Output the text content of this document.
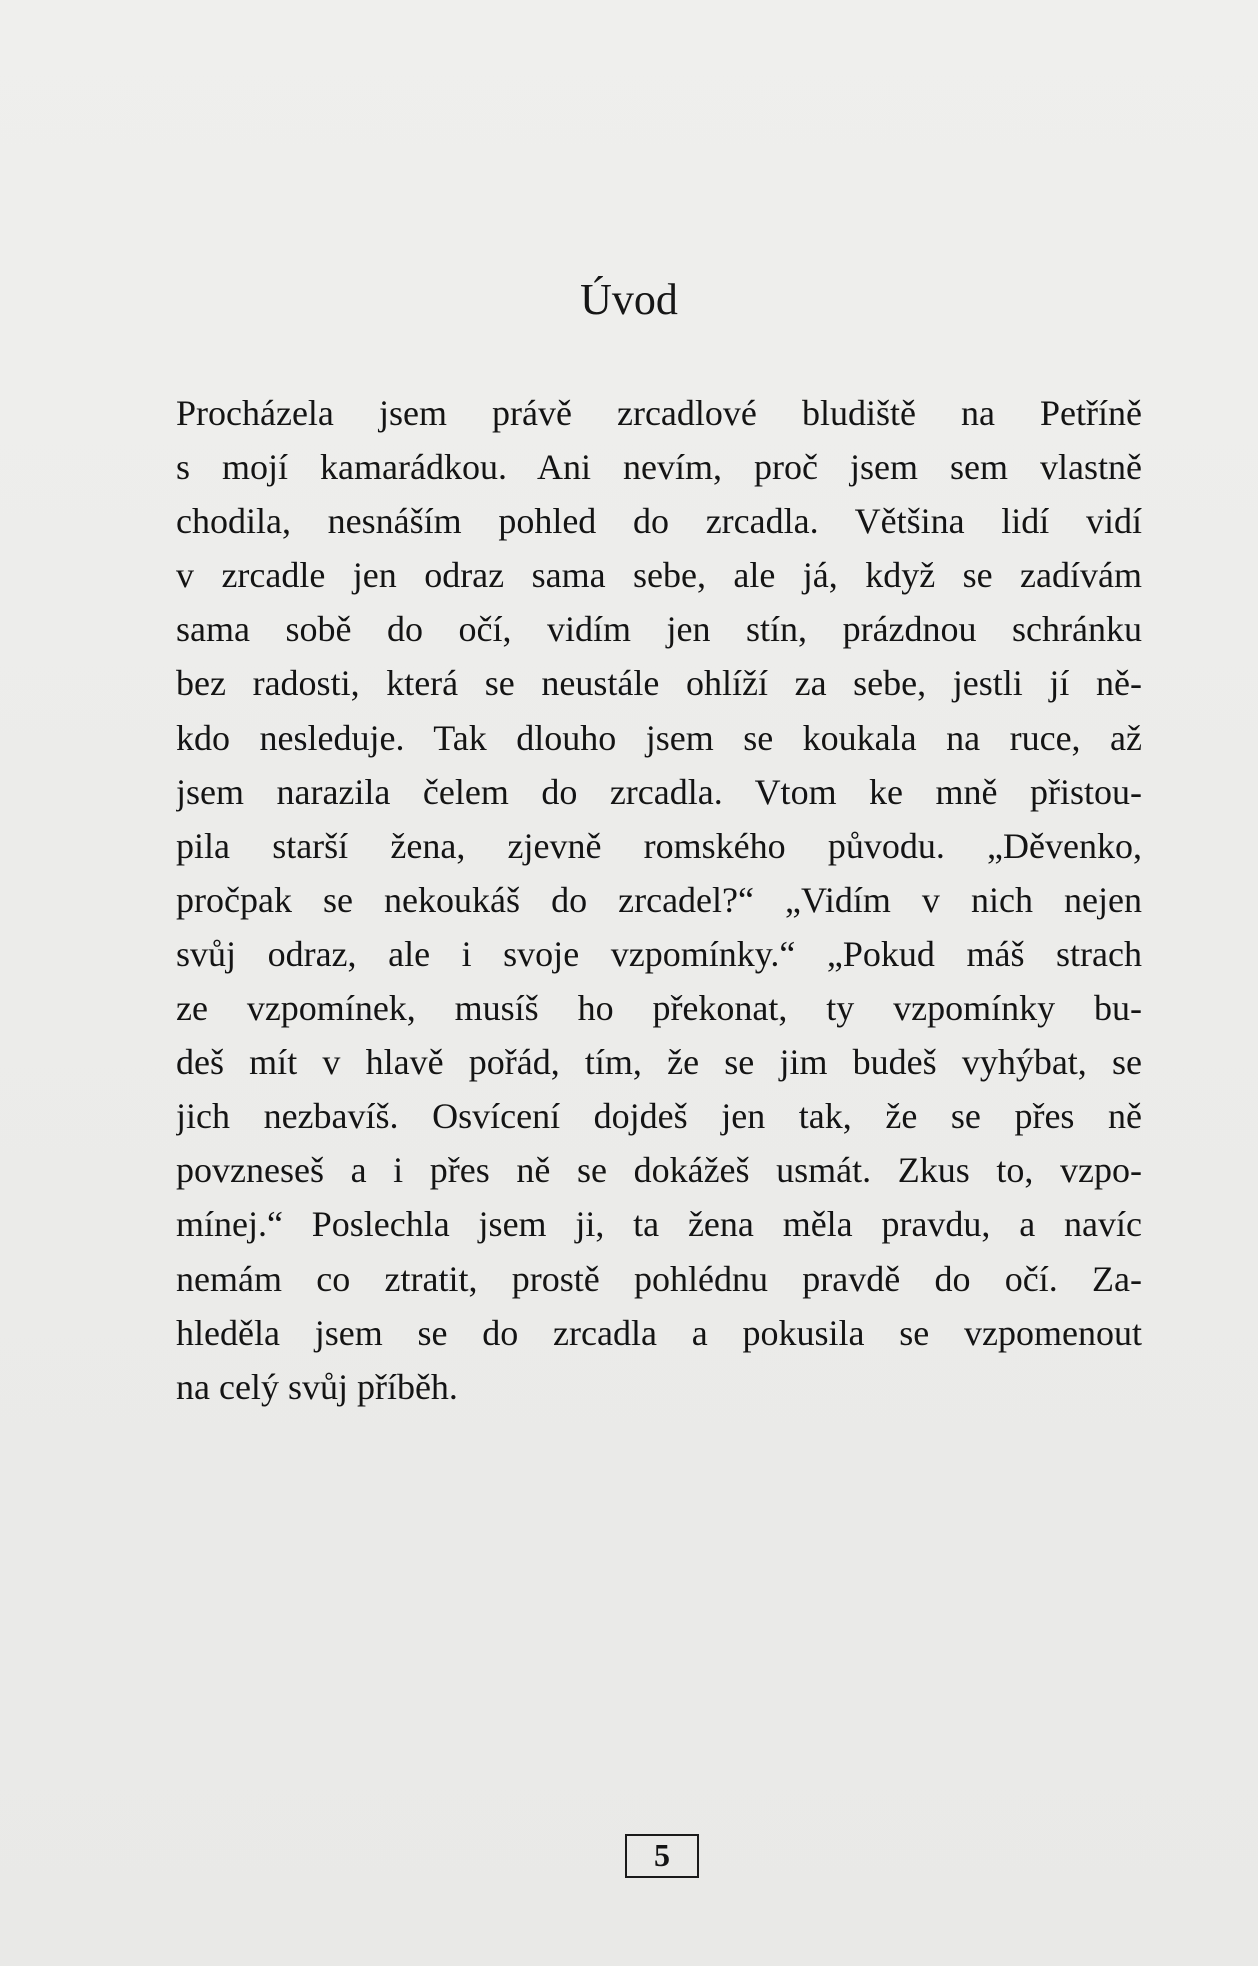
Úvod
Procházela jsem právě zrcadlové bludiště na Petříně
s mojí kamarádkou. Ani nevím, proč jsem sem vlastně
chodila, nesnáším pohled do zrcadla. Většina lidí vidí
v zrcadle jen odraz sama sebe, ale já, když se zadívám
sama sobě do očí, vidím jen stín, prázdnou schránku
bez radosti, která se neustále ohlíží za sebe, jestli jí ně-
kdo nesleduje. Tak dlouho jsem se koukala na ruce, až
jsem narazila čelem do zrcadla. Vtom ke mně přistou-
pila starší žena, zjevně romského původu. „Děvenko,
pročpak se nekoukáš do zrcadel?“ „Vidím v nich nejen
svůj odraz, ale i svoje vzpomínky.“ „Pokud máš strach
ze vzpomínek, musíš ho překonat, ty vzpomínky bu-
deš mít v hlavě pořád, tím, že se jim budeš vyhýbat, se
jich nezbavíš. Osvícení dojdeš jen tak, že se přes ně
povzneseš a i přes ně se dokážeš usmát. Zkus to, vzpo-
mínej.“ Poslechla jsem ji, ta žena měla pravdu, a navíc
nemám co ztratit, prostě pohlédnu pravdě do očí. Za-
hleděla jsem se do zrcadla a pokusila se vzpomenout
na celý svůj příběh.
5
